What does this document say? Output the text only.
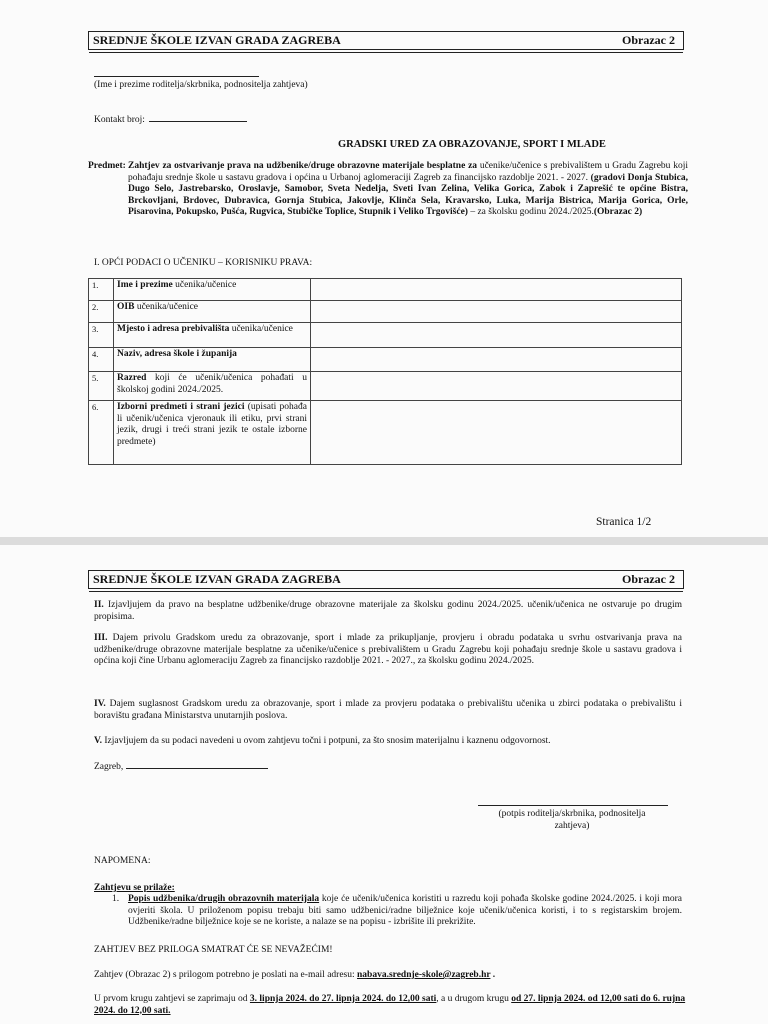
SREDNJE ŠKOLE IZVAN GRADA ZAGREBA	Obrazac 2
(Ime i prezime roditelja/skrbnika, podnositelja zahtjeva)
Kontakt broj:
GRADSKI URED ZA OBRAZOVANJE, SPORT I MLADE
Predmet: Zahtjev za ostvarivanje prava na udžbenike/druge obrazovne materijale besplatne za učenike/učenice s prebivalištem u Gradu Zagrebu koji pohađaju srednje škole u sastavu gradova i općina u Urbanoj aglomeraciji Zagreb za financijsko razdoblje 2021. - 2027. (gradovi Donja Stubica, Dugo Selo, Jastrebarsko, Oroslavje, Samobor, Sveta Nedelja, Sveti Ivan Zelina, Velika Gorica, Zabok i Zaprešić te općine Bistra, Brckovljani, Brdovec, Dubravica, Gornja Stubica, Jakovlje, Klinča Sela, Kravarsko, Luka, Marija Bistrica, Marija Gorica, Orle, Pisarovina, Pokupsko, Pušća, Rugvica, Stubičke Toplice, Stupnik i Veliko Trgovišće) – za školsku godinu 2024./2025.(Obrazac 2)
I. OPĆI PODACI O UČENIKU – KORISNIKU PRAVA:
1.	Ime i prezime učenika/učenice	
2.	OIB učenika/učenice	
3.	Mjesto i adresa prebivališta učenika/učenice	
4.	Naziv, adresa škole i županija	
5.	Razred koji će učenik/učenica pohađati u školskoj godini 2024./2025.	
6.	Izborni predmeti i strani jezici (upisati pohađa li učenik/učenica vjeronauk ili etiku, prvi strani jezik, drugi i treći strani jezik te ostale izborne predmete)	
Stranica 1/2
SREDNJE ŠKOLE IZVAN GRADA ZAGREBA	Obrazac 2
II. Izjavljujem da pravo na besplatne udžbenike/druge obrazovne materijale za školsku godinu 2024./2025. učenik/učenica ne ostvaruje po drugim propisima.
III. Dajem privolu Gradskom uredu za obrazovanje, sport i mlade za prikupljanje, provjeru i obradu podataka u svrhu ostvarivanja prava na udžbenike/druge obrazovne materijale besplatne za učenike/učenice s prebivalištem u Gradu Zagrebu koji pohađaju srednje škole u sastavu gradova i općina koji čine Urbanu aglomeraciju Zagreb za financijsko razdoblje 2021. - 2027., za školsku godinu 2024./2025.
IV. Dajem suglasnost Gradskom uredu za obrazovanje, sport i mlade za provjeru podataka o prebivalištu učenika u zbirci podataka o prebivalištu i boravištu građana Ministarstva unutarnjih poslova.
V. Izjavljujem da su podaci navedeni u ovom zahtjevu točni i potpuni, za što snosim materijalnu i kaznenu odgovornost.
Zagreb,
(potpis roditelja/skrbnika, podnositelja zahtjeva)
NAPOMENA:
Zahtjevu se prilaže:
1. Popis udžbenika/drugih obrazovnih materijala koje će učenik/učenica koristiti u razredu koji pohađa školske godine 2024./2025. i koji mora ovjeriti škola. U priloženom popisu trebaju biti samo udžbenici/radne bilježnice koje učenik/učenica koristi, i to s registarskim brojem. Udžbenike/radne bilježnice koje se ne koriste, a nalaze se na popisu - izbrišite ili prekrižite.
ZAHTJEV BEZ PRILOGA SMATRAT ĆE SE NEVAŽEĆIM!
Zahtjev (Obrazac 2) s prilogom potrebno je poslati na e-mail adresu: nabava.srednje-skole@zagreb.hr .
U prvom krugu zahtjevi se zaprimaju od 3. lipnja 2024. do 27. lipnja 2024. do 12,00 sati, a u drugom krugu od 27. lipnja 2024. od 12,00 sati do 6. rujna 2024. do 12,00 sati.
